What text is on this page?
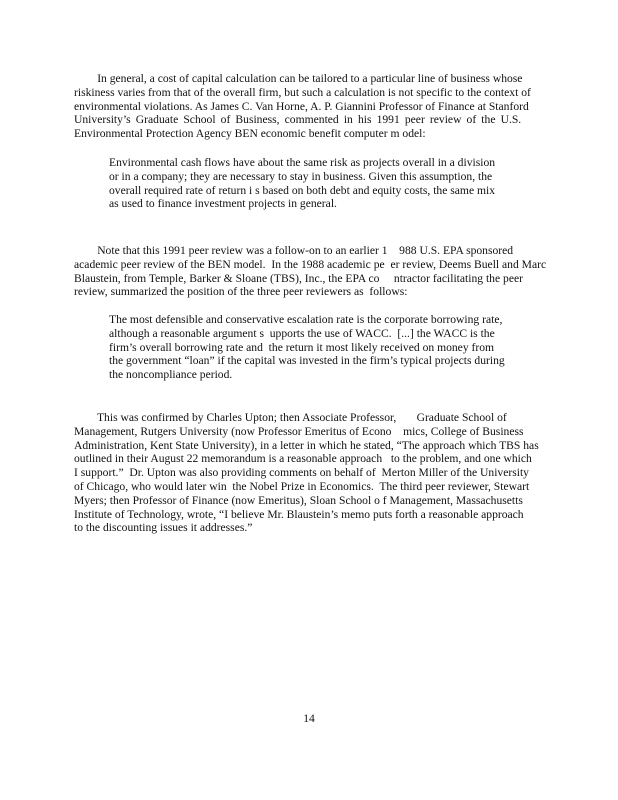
In general, a cost of capital calculation can be tailored to a particular line of business whose
riskiness varies from that of the overall firm, but such a calculation is not specific to the context of
environmental violations. As James C. Van Horne, A. P. Giannini Professor of Finance at Stanford
University’s Graduate School of Business, commented in his 1991 peer review of the U.S.
Environmental Protection Agency BEN economic benefit computer m odel:

Environmental cash flows have about the same risk as projects overall in a division
or in a company; they are necessary to stay in business. Given this assumption, the
overall required rate of return i s based on both debt and equity costs, the same mix
as used to finance investment projects in general.

Note that this 1991 peer review was a follow-on to an earlier 1    988 U.S. EPA sponsored
academic peer review of the BEN model.  In the 1988 academic pe  er review, Deems Buell and Marc
Blaustein, from Temple, Barker & Sloane (TBS), Inc., the EPA co     ntractor facilitating the peer
review, summarized the position of the three peer reviewers as  follows:

The most defensible and conservative escalation rate is the corporate borrowing rate,
although a reasonable argument s  upports the use of WACC.  [...] the WACC is the
firm’s overall borrowing rate and  the return it most likely received on money from
the government “loan” if the capital was invested in the firm’s typical projects during
the noncompliance period.

This was confirmed by Charles Upton; then Associate Professor,       Graduate School of
Management, Rutgers University (now Professor Emeritus of Econo    mics, College of Business
Administration, Kent State University), in a letter in which he stated, “The approach which TBS has
outlined in their August 22 memorandum is a reasonable approach   to the problem, and one which
I support.”  Dr. Upton was also providing comments on behalf of  Merton Miller of the University
of Chicago, who would later win  the Nobel Prize in Economics.  The third peer reviewer, Stewart
Myers; then Professor of Finance (now Emeritus), Sloan School o f Management, Massachusetts
Institute of Technology, wrote, “I believe Mr. Blaustein’s memo puts forth a reasonable approach
to the discounting issues it addresses.”

14
